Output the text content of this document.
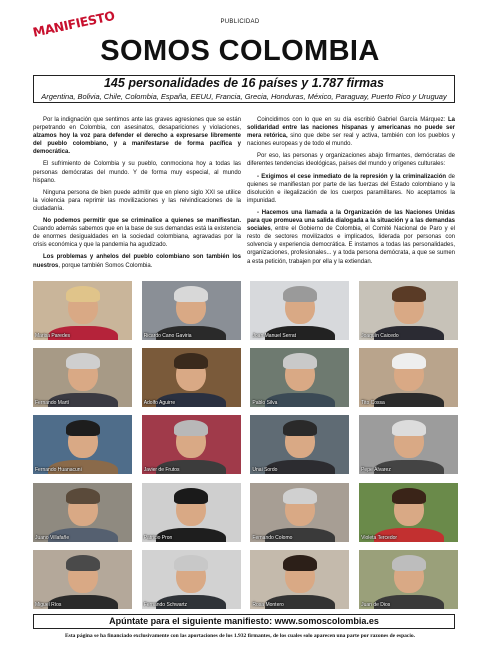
PUBLICIDAD
MANIFIESTO
SOMOS COLOMBIA
145 personalidades de 16 países y 1.787 firmas
Argentina, Bolivia, Chile, Colombia, España, EEUU, Francia, Grecia, Honduras, México, Paraguay, Puerto Rico y Uruguay

Por la indignación que sentimos ante las graves agresiones que se están perpetrando en Colombia, con asesinatos, desapariciones y violaciones, alzamos hoy la voz para defender el derecho a expresarse libremente del pueblo colombiano, y a manifestarse de forma pacífica y democrática.

El sufrimiento de Colombia y su pueblo, conmociona hoy a todas las personas demócratas del mundo. Y de forma muy especial, al mundo hispano.

Ninguna persona de bien puede admitir que en pleno siglo XXI se utilice la violencia para reprimir las movilizaciones y las reivindicaciones de la ciudadanía.

No podemos permitir que se criminalice a quienes se manifiestan. Cuando además sabemos que en la base de sus demandas está la existencia de enormes desigualdades en la sociedad colombiana, agravadas por la crisis económica y que la pandemia ha agudizado.

Los problemas y anhelos del pueblo colombiano son también los nuestros, porque también Somos Colombia.

Coincidimos con lo que en su día escribió Gabriel García Márquez: La solidaridad entre las naciones hispanas y americanas no puede ser mera retórica, sino que debe ser real y activa, también con los pueblos y naciones europeas y de todo el mundo.

Por eso, las personas y organizaciones abajo firmantes, demócratas de diferentes tendencias ideológicas, países del mundo y orígenes culturales:

- Exigimos el cese inmediato de la represión y la criminalización de quienes se manifiestan por parte de las fuerzas del Estado colombiano y la disolución e ilegalización de los cuerpos paramilitares. No aceptamos la impunidad.

- Hacemos una llamada a la Organización de las Naciones Unidas para que promueva una salida dialogada a la situación y a las demandas sociales, entre el Gobierno de Colombia, el Comité Nacional de Paro y el resto de sectores movilizados e implicados, liderada por personas con solvencia y experiencia democrática. E instamos a todas las personalidades, organizaciones, profesionales... y a toda persona demócrata, a que se sumen a esta petición, trabajen por ella y la extiendan.

Marisa Paredes	Ricardo Cano Gaviria	Joan Manuel Serrat	Joaquín Caicedo
Fernando Martí	Adolfo Aguirre	Pablo Silva	Tito Cossa
Fernando Huanacuni	Javier de Frutos	Unai Sordo	Pepe Álvarez
Juano Villafañe	Patricio Pron	Fernando Colomo	Violeta Tercedor
Miguel Ríos	Fernando Schwartz	Rosa Montero	Juan de Dios
Apúntate para el siguiente manifiesto: www.somoscolombia.es
Esta página se ha financiado exclusivamente con las aportaciones de los 1.932 firmantes, de los cuales solo aparecen una parte por razones de espacio.
